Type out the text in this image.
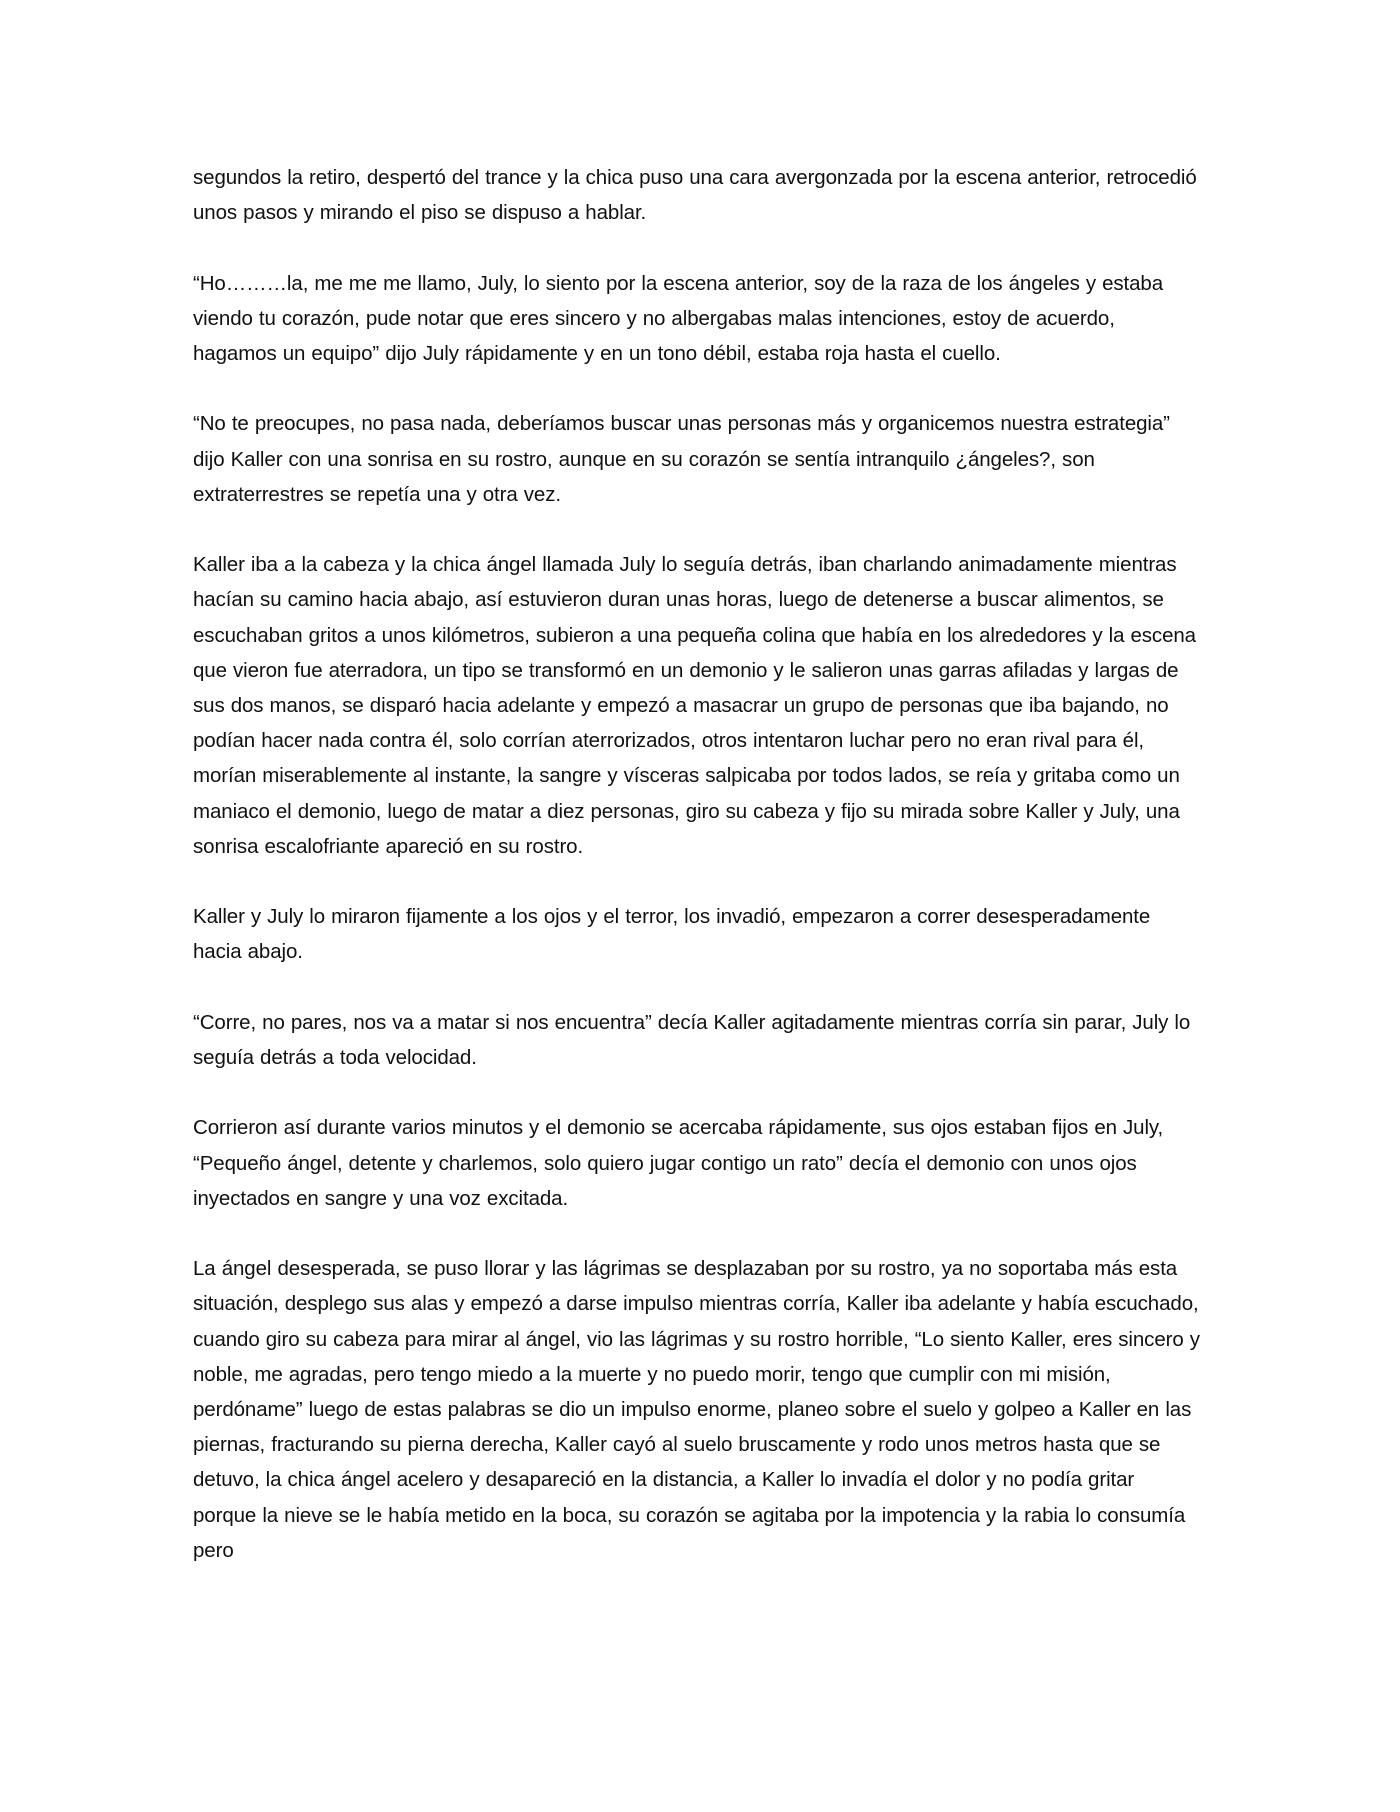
segundos la retiro, despertó del trance y la chica puso una cara avergonzada por la escena anterior, retrocedió unos pasos y mirando el piso se dispuso a hablar.

“Ho………la, me me me llamo, July, lo siento por la escena anterior, soy de la raza de los ángeles y estaba viendo tu corazón, pude notar que eres sincero y no albergabas malas intenciones, estoy de acuerdo, hagamos un equipo” dijo July rápidamente y en un tono débil, estaba roja hasta el cuello.

“No te preocupes, no pasa nada, deberíamos buscar unas personas más y organicemos nuestra estrategia” dijo Kaller con una sonrisa en su rostro, aunque en su corazón se sentía intranquilo ¿ángeles?, son extraterrestres se repetía una y otra vez.

Kaller iba a la cabeza y la chica ángel llamada July lo seguía detrás, iban charlando animadamente mientras hacían su camino hacia abajo, así estuvieron duran unas horas, luego de detenerse a buscar alimentos, se escuchaban gritos a unos kilómetros, subieron a una pequeña colina que había en los alrededores y la escena que vieron fue aterradora, un tipo se transformó en un demonio y le salieron unas garras afiladas y largas de sus dos manos, se disparó hacia adelante y empezó a masacrar un grupo de personas que iba bajando, no podían hacer nada contra él, solo corrían aterrorizados, otros intentaron luchar pero no eran rival para él, morían miserablemente al instante, la sangre y vísceras salpicaba por todos lados, se reía y gritaba como un maniaco el demonio, luego de matar a diez personas, giro su cabeza y fijo su mirada sobre Kaller y July, una sonrisa escalofriante apareció en su rostro.

Kaller y July lo miraron fijamente a los ojos y el terror, los invadió, empezaron a correr desesperadamente hacia abajo.

“Corre, no pares, nos va a matar si nos encuentra” decía Kaller agitadamente mientras corría sin parar, July lo seguía detrás a toda velocidad.

Corrieron así durante varios minutos y el demonio se acercaba rápidamente, sus ojos estaban fijos en July, “Pequeño ángel, detente y charlemos, solo quiero jugar contigo un rato” decía el demonio con unos ojos inyectados en sangre y una voz excitada.

La ángel desesperada, se puso llorar y las lágrimas se desplazaban por su rostro, ya no soportaba más esta situación, desplego sus alas y empezó a darse impulso mientras corría, Kaller iba adelante y había escuchado, cuando giro su cabeza para mirar al ángel, vio las lágrimas y su rostro horrible, “Lo siento Kaller, eres sincero y noble, me agradas, pero tengo miedo a la muerte y no puedo morir, tengo que cumplir con mi misión, perdóname” luego de estas palabras se dio un impulso enorme, planeo sobre el suelo y golpeo a Kaller en las piernas, fracturando su pierna derecha, Kaller cayó al suelo bruscamente y rodo unos metros hasta que se detuvo, la chica ángel acelero y desapareció en la distancia, a Kaller lo invadía el dolor y no podía gritar porque la nieve se le había metido en la boca, su corazón se agitaba por la impotencia y la rabia lo consumía pero
